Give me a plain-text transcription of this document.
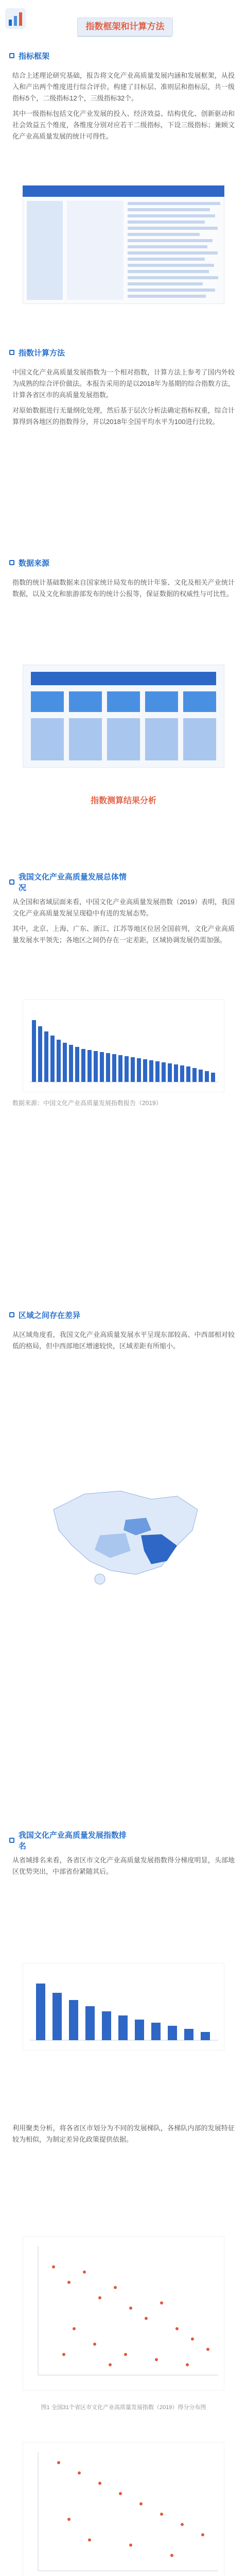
指数框架和计算方法
指标框架

结合上述理论研究基础，报告将文化产业高质量发展内涵和发展框架，从投入和产出两个维度进行综合评价。构建了目标层、准则层和指标层，共一级指标5个，二级指标12个，三级指标32个。

其中一级指标包括文化产业发展的投入、经济效益、结构优化、创新驱动和社会效益五个维度，各维度分别对应若干二级指标，下设三级指标；兼顾文化产业高质量发展的统计可得性。

指数计算方法

中国文化产业高质量发展指数为一个相对指数，计算方法上参考了国内外较为成熟的综合评价做法。本报告采用的是以2018年为基期的综合指数方法，计算各省区市的高质量发展指数。

对原始数据进行无量纲化处理，然后基于层次分析法确定指标权重，综合计算得到各地区的指数得分，并以2018年全国平均水平为100进行比较。

数据来源

指数的统计基础数据来自国家统计局发布的统计年鉴、文化及相关产业统计数据，以及文化和旅游部发布的统计公报等，保证数据的权威性与可比性。

指数测算结果分析
我国文化产业高质量发展总体情况

从全国和省域层面来看，中国文化产业高质量发展指数（2019）表明，我国文化产业高质量发展呈现稳中有进的发展态势。

其中，北京、上海、广东、浙江、江苏等地区位居全国前列，文化产业高质量发展水平领先；各地区之间仍存在一定差距，区域协调发展仍需加强。

数据来源：中国文化产业高质量发展指数报告（2019）
区域之间存在差异

从区域角度看，我国文化产业高质量发展水平呈现东部较高、中西部相对较低的格局，但中西部地区增速较快，区域差距有所缩小。

我国文化产业高质量发展指数排名

从省域排名来看，各省区市文化产业高质量发展指数得分梯度明显，头部地区优势突出，中部省份紧随其后。

利用聚类分析，将各省区市划分为不同的发展梯队，各梯队内部的发展特征较为相似，为制定差异化政策提供依据。

图1 全国31个省区市文化产业高质量发展指数（2019）得分分布图
